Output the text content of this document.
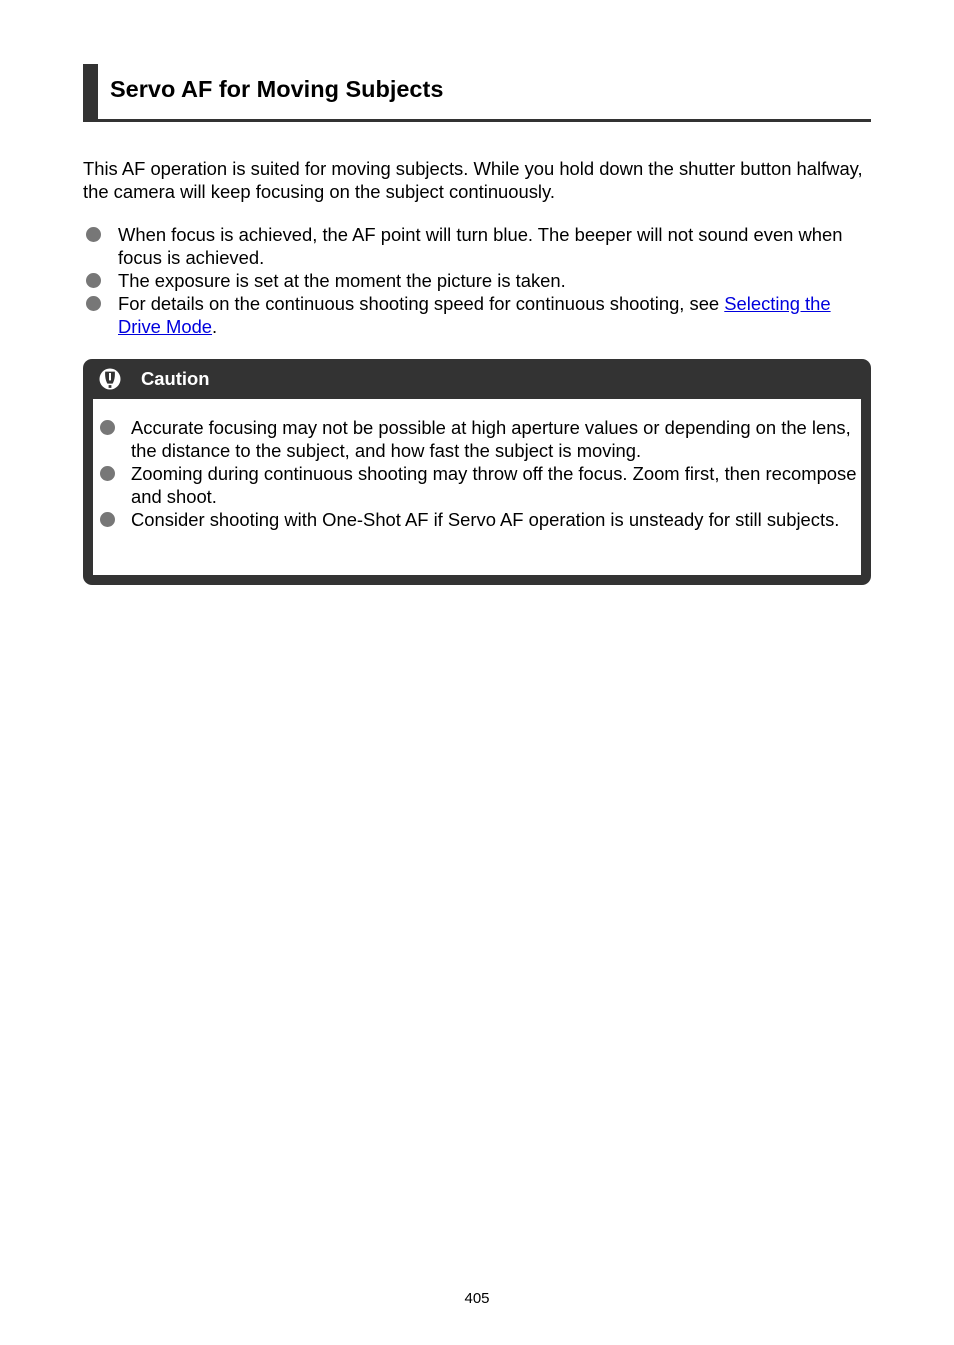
Servo AF for Moving Subjects

This AF operation is suited for moving subjects. While you hold down the shutter button halfway, the camera will keep focusing on the subject continuously.

When focus is achieved, the AF point will turn blue. The beeper will not sound even when focus is achieved.
The exposure is set at the moment the picture is taken.
For details on the continuous shooting speed for continuous shooting, see Selecting the Drive Mode.
Caution
Accurate focusing may not be possible at high aperture values or depending on the lens, the distance to the subject, and how fast the subject is moving.
Zooming during continuous shooting may throw off the focus. Zoom first, then recompose and shoot.
Consider shooting with One-Shot AF if Servo AF operation is unsteady for still subjects.
405
